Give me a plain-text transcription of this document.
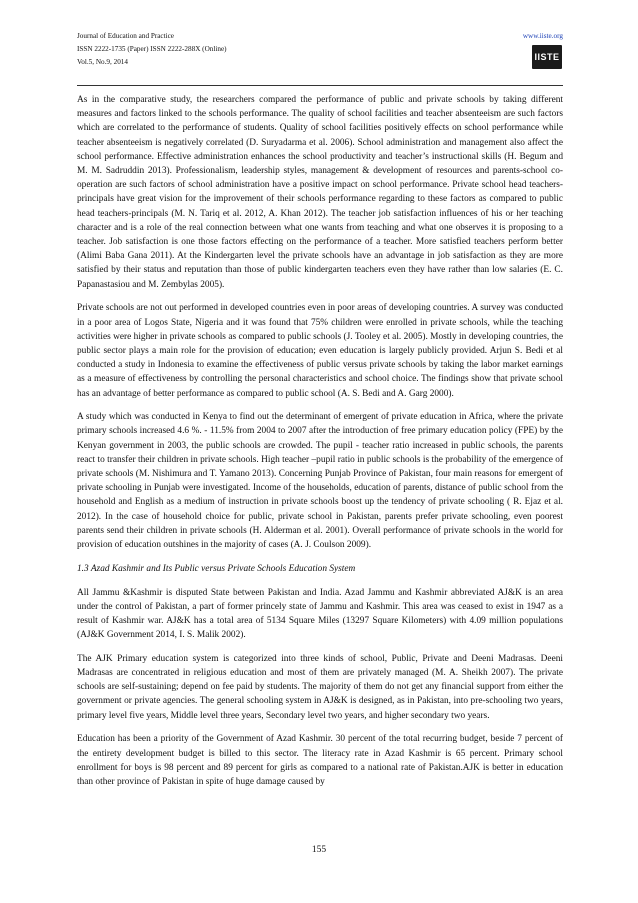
Journal of Education and Practice
ISSN 2222-1735 (Paper) ISSN 2222-288X (Online)
Vol.5, No.9, 2014
www.iiste.org
IISTE

As in the comparative study, the researchers compared the performance of public and private schools by taking different measures and factors linked to the schools performance. The quality of school facilities and teacher absenteeism are such factors which are correlated to the performance of students. Quality of school facilities positively effects on school performance while teacher absenteeism is negatively correlated (D. Suryadarma et al. 2006). School administration and management also affect the school performance. Effective administration enhances the school productivity and teacher’s instructional skills (H. Begum and M. M. Sadruddin 2013). Professionalism, leadership styles, management & development of resources and parents-school co-operation are such factors of school administration have a positive impact on school performance. Private school head teachers-principals have great vision for the improvement of their schools performance regarding to these factors as compared to public head teachers-principals (M. N. Tariq et al. 2012, A. Khan 2012). The teacher job satisfaction influences of his or her teaching character and is a role of the real connection between what one wants from teaching and what one observes it is proposing to a teacher. Job satisfaction is one those factors effecting on the performance of a teacher. More satisfied teachers perform better (Alimi Baba Gana 2011). At the Kindergarten level the private schools have an advantage in job satisfaction as they are more satisfied by their status and reputation than those of public kindergarten teachers even they have rather than low salaries (E. C. Papanastasiou and M. Zembylas 2005).

Private schools are not out performed in developed countries even in poor areas of developing countries. A survey was conducted in a poor area of Logos State, Nigeria and it was found that 75% children were enrolled in private schools, while the teaching activities were higher in private schools as compared to public schools (J. Tooley et al. 2005). Mostly in developing countries, the public sector plays a main role for the provision of education; even education is largely publicly provided. Arjun S. Bedi et al conducted a study in Indonesia to examine the effectiveness of public versus private schools by taking the labor market earnings as a measure of effectiveness by controlling the personal characteristics and school choice. The findings show that private school has an advantage of better performance as compared to public school (A. S. Bedi and A. Garg 2000).

A study which was conducted in Kenya to find out the determinant of emergent of private education in Africa, where the private primary schools increased 4.6 %. - 11.5% from 2004 to 2007 after the introduction of free primary education policy (FPE) by the Kenyan government in 2003, the public schools are crowded. The pupil - teacher ratio increased in public schools, the parents react to transfer their children in private schools. High teacher –pupil ratio in public schools is the probability of the emergence of private schools (M. Nishimura and T. Yamano 2013). Concerning Punjab Province of Pakistan, four main reasons for emergent of private schooling in Punjab were investigated. Income of the households, education of parents, distance of public school from the household and English as a medium of instruction in private schools boost up the tendency of private schooling ( R. Ejaz et al. 2012). In the case of household choice for public, private school in Pakistan, parents prefer private schooling, even poorest parents send their children in private schools (H. Alderman et al. 2001). Overall performance of private schools in the world for provision of education outshines in the majority of cases (A. J. Coulson 2009).

1.3 Azad Kashmir and Its Public versus Private Schools Education System

All Jammu &Kashmir is disputed State between Pakistan and India. Azad Jammu and Kashmir abbreviated AJ&K is an area under the control of Pakistan, a part of former princely state of Jammu and Kashmir. This area was ceased to exist in 1947 as a result of Kashmir war. AJ&K has a total area of 5134 Square Miles (13297 Square Kilometers) with 4.09 million populations (AJ&K Government 2014, I. S. Malik 2002).

The AJK Primary education system is categorized into three kinds of school, Public, Private and Deeni Madrasas. Deeni Madrasas are concentrated in religious education and most of them are privately managed (M. A. Sheikh 2007). The private schools are self-sustaining; depend on fee paid by students. The majority of them do not get any financial support from either the government or private agencies. The general schooling system in AJ&K is designed, as in Pakistan, into pre-schooling two years, primary level five years, Middle level three years, Secondary level two years, and higher secondary two years.

Education has been a priority of the Government of Azad Kashmir. 30 percent of the total recurring budget, beside 7 percent of the entirety development budget is billed to this sector. The literacy rate in Azad Kashmir is 65 percent. Primary school enrollment for boys is 98 percent and 89 percent for girls as compared to a national rate of Pakistan.AJK is better in education than other province of Pakistan in spite of huge damage caused by

155
